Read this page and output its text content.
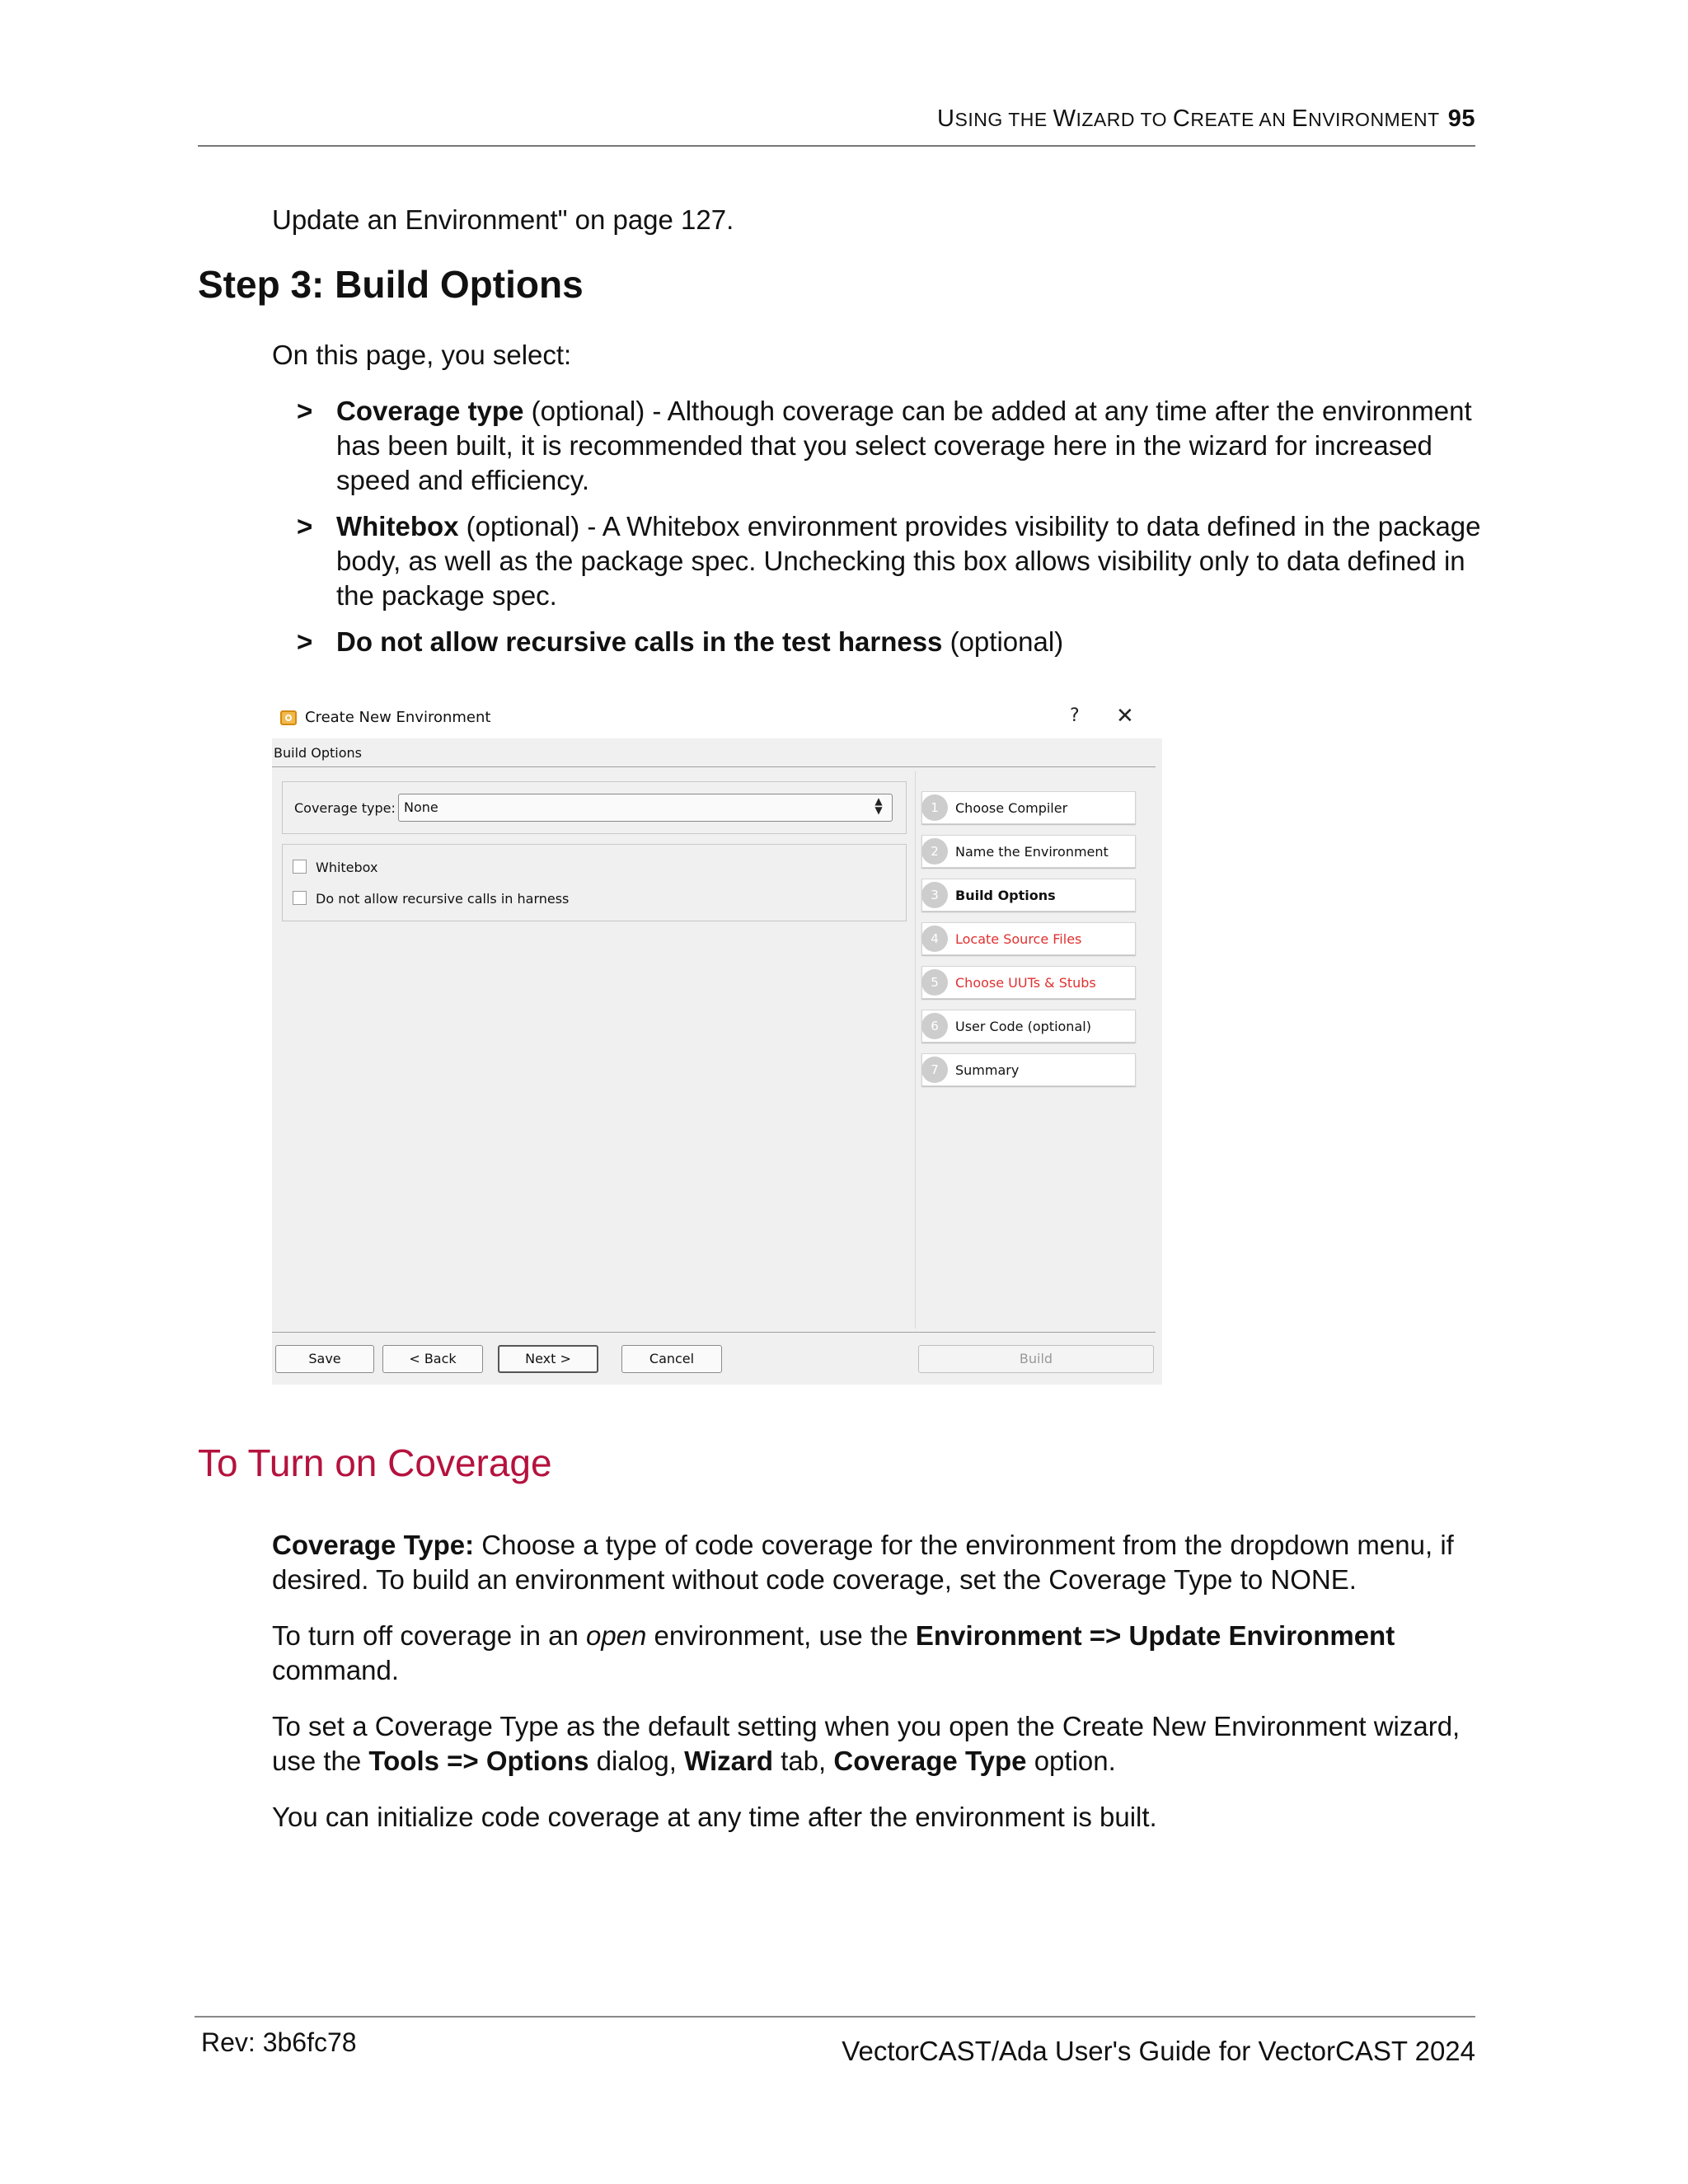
USING THE WIZARD TO CREATE AN ENVIRONMENT 95
Update an Environment" on page 127.
Step 3: Build Options
On this page, you select:
> Coverage type (optional) - Although coverage can be added at any time after the environment has been built, it is recommended that you select coverage here in the wizard for increased speed and efficiency.
> Whitebox (optional) - A Whitebox environment provides visibility to data defined in the package body, as well as the package spec. Unchecking this box allows visibility only to data defined in the package spec.
> Do not allow recursive calls in the test harness (optional)
Create New Environment	? ✕
Build Options
Coverage type: None	▲
▼
Whitebox
Do not allow recursive calls in harness
1	Choose Compiler
2	Name the Environment
3	Build Options
4	Locate Source Files
5	Choose UUTs & Stubs
6	User Code (optional)
7	Summary
Save	< Back	Next >	Cancel	Build
To Turn on Coverage
Coverage Type: Choose a type of code coverage for the environment from the dropdown menu, if desired. To build an environment without code coverage, set the Coverage Type to NONE.
To turn off coverage in an open environment, use the Environment => Update Environment command.
To set a Coverage Type as the default setting when you open the Create New Environment wizard, use the Tools => Options dialog, Wizard tab, Coverage Type option.
You can initialize code coverage at any time after the environment is built.
Rev: 3b6fc78	VectorCAST/Ada User's Guide for VectorCAST 2024
